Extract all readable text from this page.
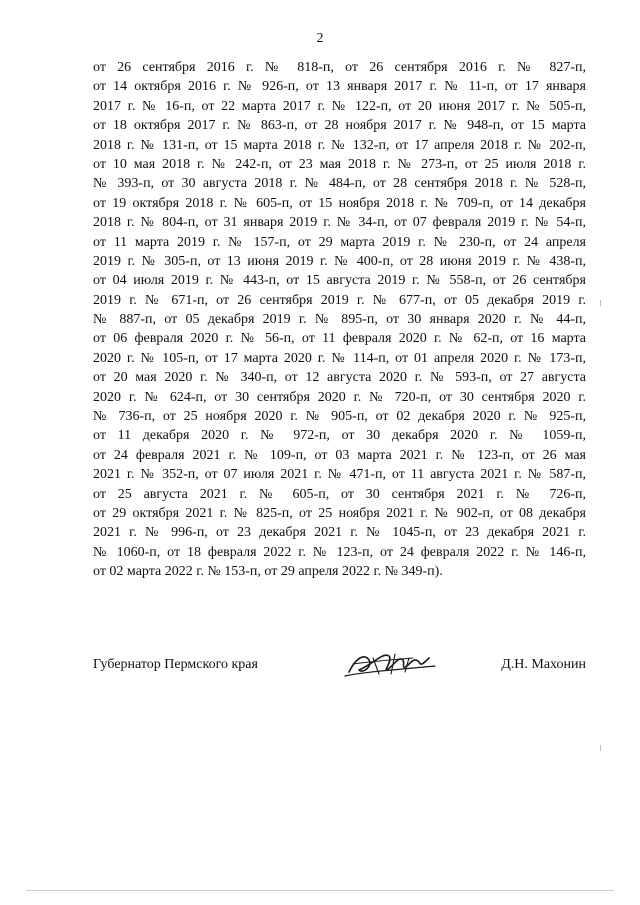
2
от 26 сентября 2016 г. № 818-п, от 26 сентября 2016 г. № 827-п,
от 14 октября 2016 г. № 926-п, от 13 января 2017 г. № 11-п, от 17 января
2017 г. № 16-п, от 22 марта 2017 г. № 122-п, от 20 июня 2017 г. № 505-п,
от 18 октября 2017 г. № 863-п, от 28 ноября 2017 г. № 948-п, от 15 марта
2018 г. № 131-п, от 15 марта 2018 г. № 132-п, от 17 апреля 2018 г. № 202-п,
от 10 мая 2018 г. № 242-п, от 23 мая 2018 г. № 273-п, от 25 июля 2018 г.
№ 393-п, от 30 августа 2018 г. № 484-п, от 28 сентября 2018 г. № 528-п,
от 19 октября 2018 г. № 605-п, от 15 ноября 2018 г. № 709-п, от 14 декабря
2018 г. № 804-п, от 31 января 2019 г. № 34-п, от 07 февраля 2019 г. № 54-п,
от 11 марта 2019 г. № 157-п, от 29 марта 2019 г. № 230-п, от 24 апреля
2019 г. № 305-п, от 13 июня 2019 г. № 400-п, от 28 июня 2019 г. № 438-п,
от 04 июля 2019 г. № 443-п, от 15 августа 2019 г. № 558-п, от 26 сентября
2019 г. № 671-п, от 26 сентября 2019 г. № 677-п, от 05 декабря 2019 г.
№ 887-п, от 05 декабря 2019 г. № 895-п, от 30 января 2020 г. № 44-п,
от 06 февраля 2020 г. № 56-п, от 11 февраля 2020 г. № 62-п, от 16 марта
2020 г. № 105-п, от 17 марта 2020 г. № 114-п, от 01 апреля 2020 г. № 173-п,
от 20 мая 2020 г. № 340-п, от 12 августа 2020 г. № 593-п, от 27 августа
2020 г. № 624-п, от 30 сентября 2020 г. № 720-п, от 30 сентября 2020 г.
№ 736-п, от 25 ноября 2020 г. № 905-п, от 02 декабря 2020 г. № 925-п,
от 11 декабря 2020 г. № 972-п, от 30 декабря 2020 г. № 1059-п,
от 24 февраля 2021 г. № 109-п, от 03 марта 2021 г. № 123-п, от 26 мая
2021 г. № 352-п, от 07 июля 2021 г. № 471-п, от 11 августа 2021 г. № 587-п,
от 25 августа 2021 г. № 605-п, от 30 сентября 2021 г. № 726-п,
от 29 октября 2021 г. № 825-п, от 25 ноября 2021 г. № 902-п, от 08 декабря
2021 г. № 996-п, от 23 декабря 2021 г. № 1045-п, от 23 декабря 2021 г.
№ 1060-п, от 18 февраля 2022 г. № 123-п, от 24 февраля 2022 г. № 146-п,
от 02 марта 2022 г. № 153-п, от 29 апреля 2022 г. № 349-п).
Губернатор Пермского края	Д.Н. Махонин
